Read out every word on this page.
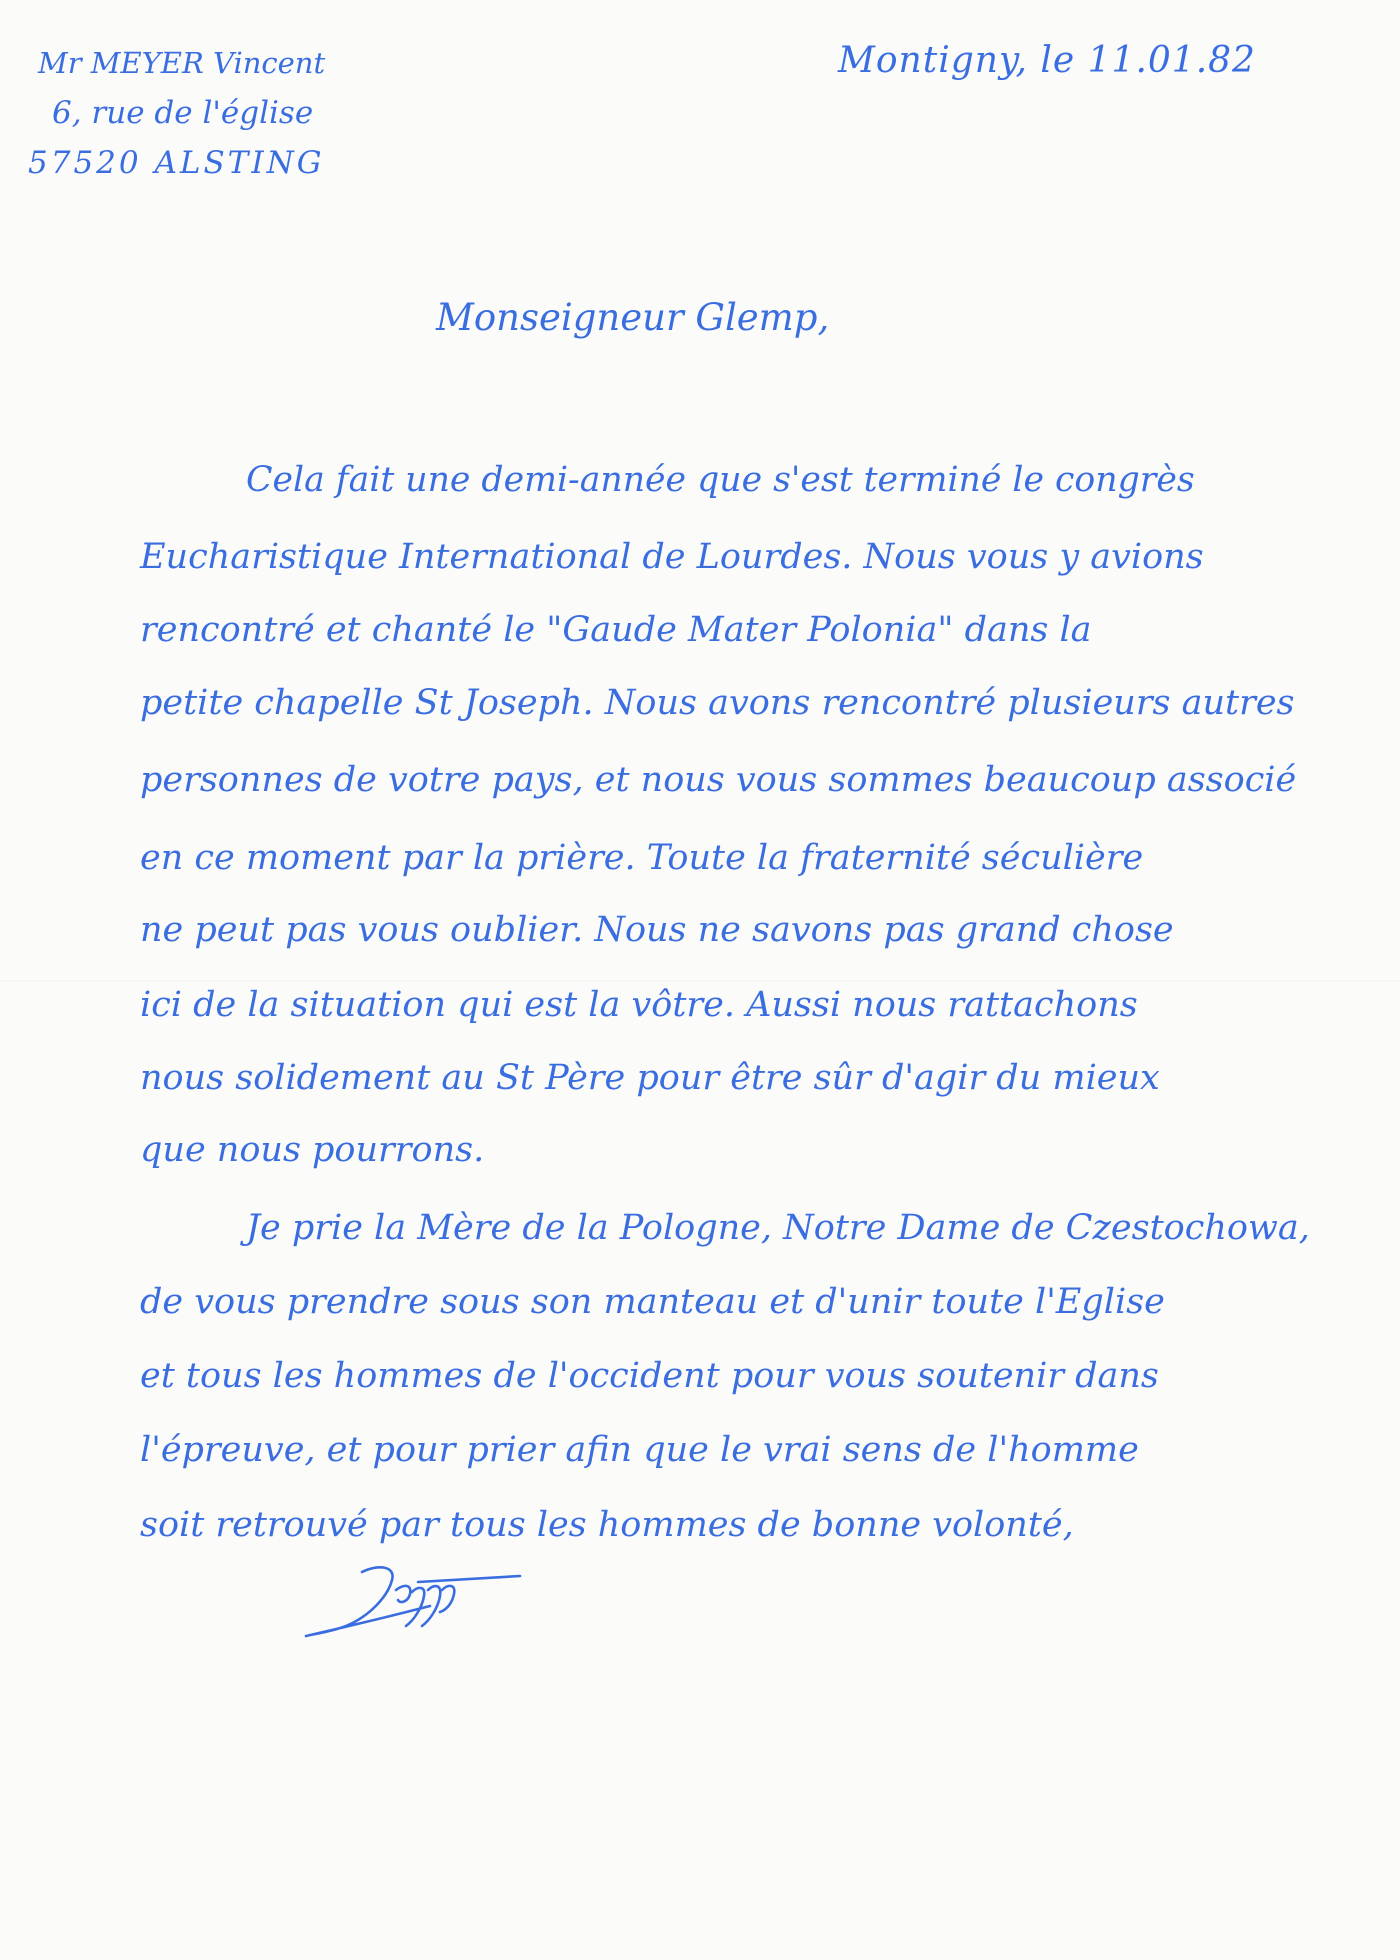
Mr MEYER Vincent
6, rue de l'église
57520 ALSTING
Montigny, le 11.01.82
Monseigneur Glemp,
Cela fait une demi-année que s'est terminé le congrès
Eucharistique International de Lourdes. Nous vous y avions
rencontré et chanté le "Gaude Mater Polonia" dans la
petite chapelle St Joseph. Nous avons rencontré plusieurs autres
personnes de votre pays, et nous vous sommes beaucoup associé
en ce moment par la prière. Toute la fraternité séculière
ne peut pas vous oublier. Nous ne savons pas grand chose
ici de la situation qui est la vôtre. Aussi nous rattachons
nous solidement au St Père pour être sûr d'agir du mieux
que nous pourrons.
Je prie la Mère de la Pologne, Notre Dame de Czestochowa,
de vous prendre sous son manteau et d'unir toute l'Eglise
et tous les hommes de l'occident pour vous soutenir dans
l'épreuve, et pour prier afin que le vrai sens de l'homme
soit retrouvé par tous les hommes de bonne volonté,
